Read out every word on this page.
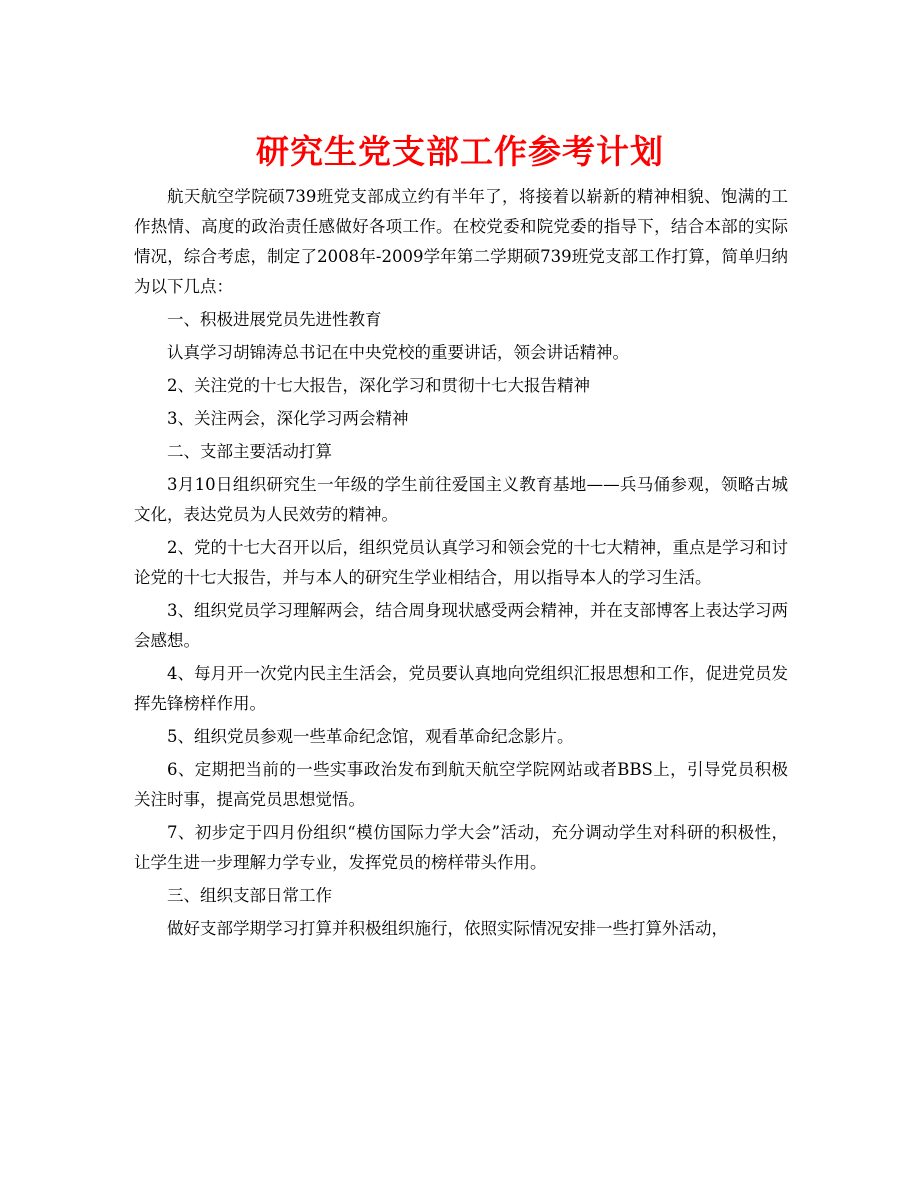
研究生党支部工作参考计划

航天航空学院硕739班党支部成立约有半年了，将接着以崭新的精神相貌、饱满的工作热情、高度的政治责任感做好各项工作。在校党委和院党委的指导下，结合本部的实际情况，综合考虑，制定了2008年-2009学年第二学期硕739班党支部工作打算，简单归纳为以下几点：

一、积极进展党员先进性教育

认真学习胡锦涛总书记在中央党校的重要讲话，领会讲话精神。

2、关注党的十七大报告，深化学习和贯彻十七大报告精神

3、关注两会，深化学习两会精神

二、支部主要活动打算

3月10日组织研究生一年级的学生前往爱国主义教育基地——兵马俑参观，领略古城文化，表达党员为人民效劳的精神。

2、党的十七大召开以后，组织党员认真学习和领会党的十七大精神，重点是学习和讨论党的十七大报告，并与本人的研究生学业相结合，用以指导本人的学习生活。

3、组织党员学习理解两会，结合周身现状感受两会精神，并在支部博客上表达学习两会感想。

4、每月开一次党内民主生活会，党员要认真地向党组织汇报思想和工作，促进党员发挥先锋榜样作用。

5、组织党员参观一些革命纪念馆，观看革命纪念影片。

6、定期把当前的一些实事政治发布到航天航空学院网站或者BBS上，引导党员积极关注时事，提高党员思想觉悟。

7、初步定于四月份组织“模仿国际力学大会”活动，充分调动学生对科研的积极性，让学生进一步理解力学专业，发挥党员的榜样带头作用。

三、组织支部日常工作

做好支部学期学习打算并积极组织施行，依照实际情况安排一些打算外活动，
